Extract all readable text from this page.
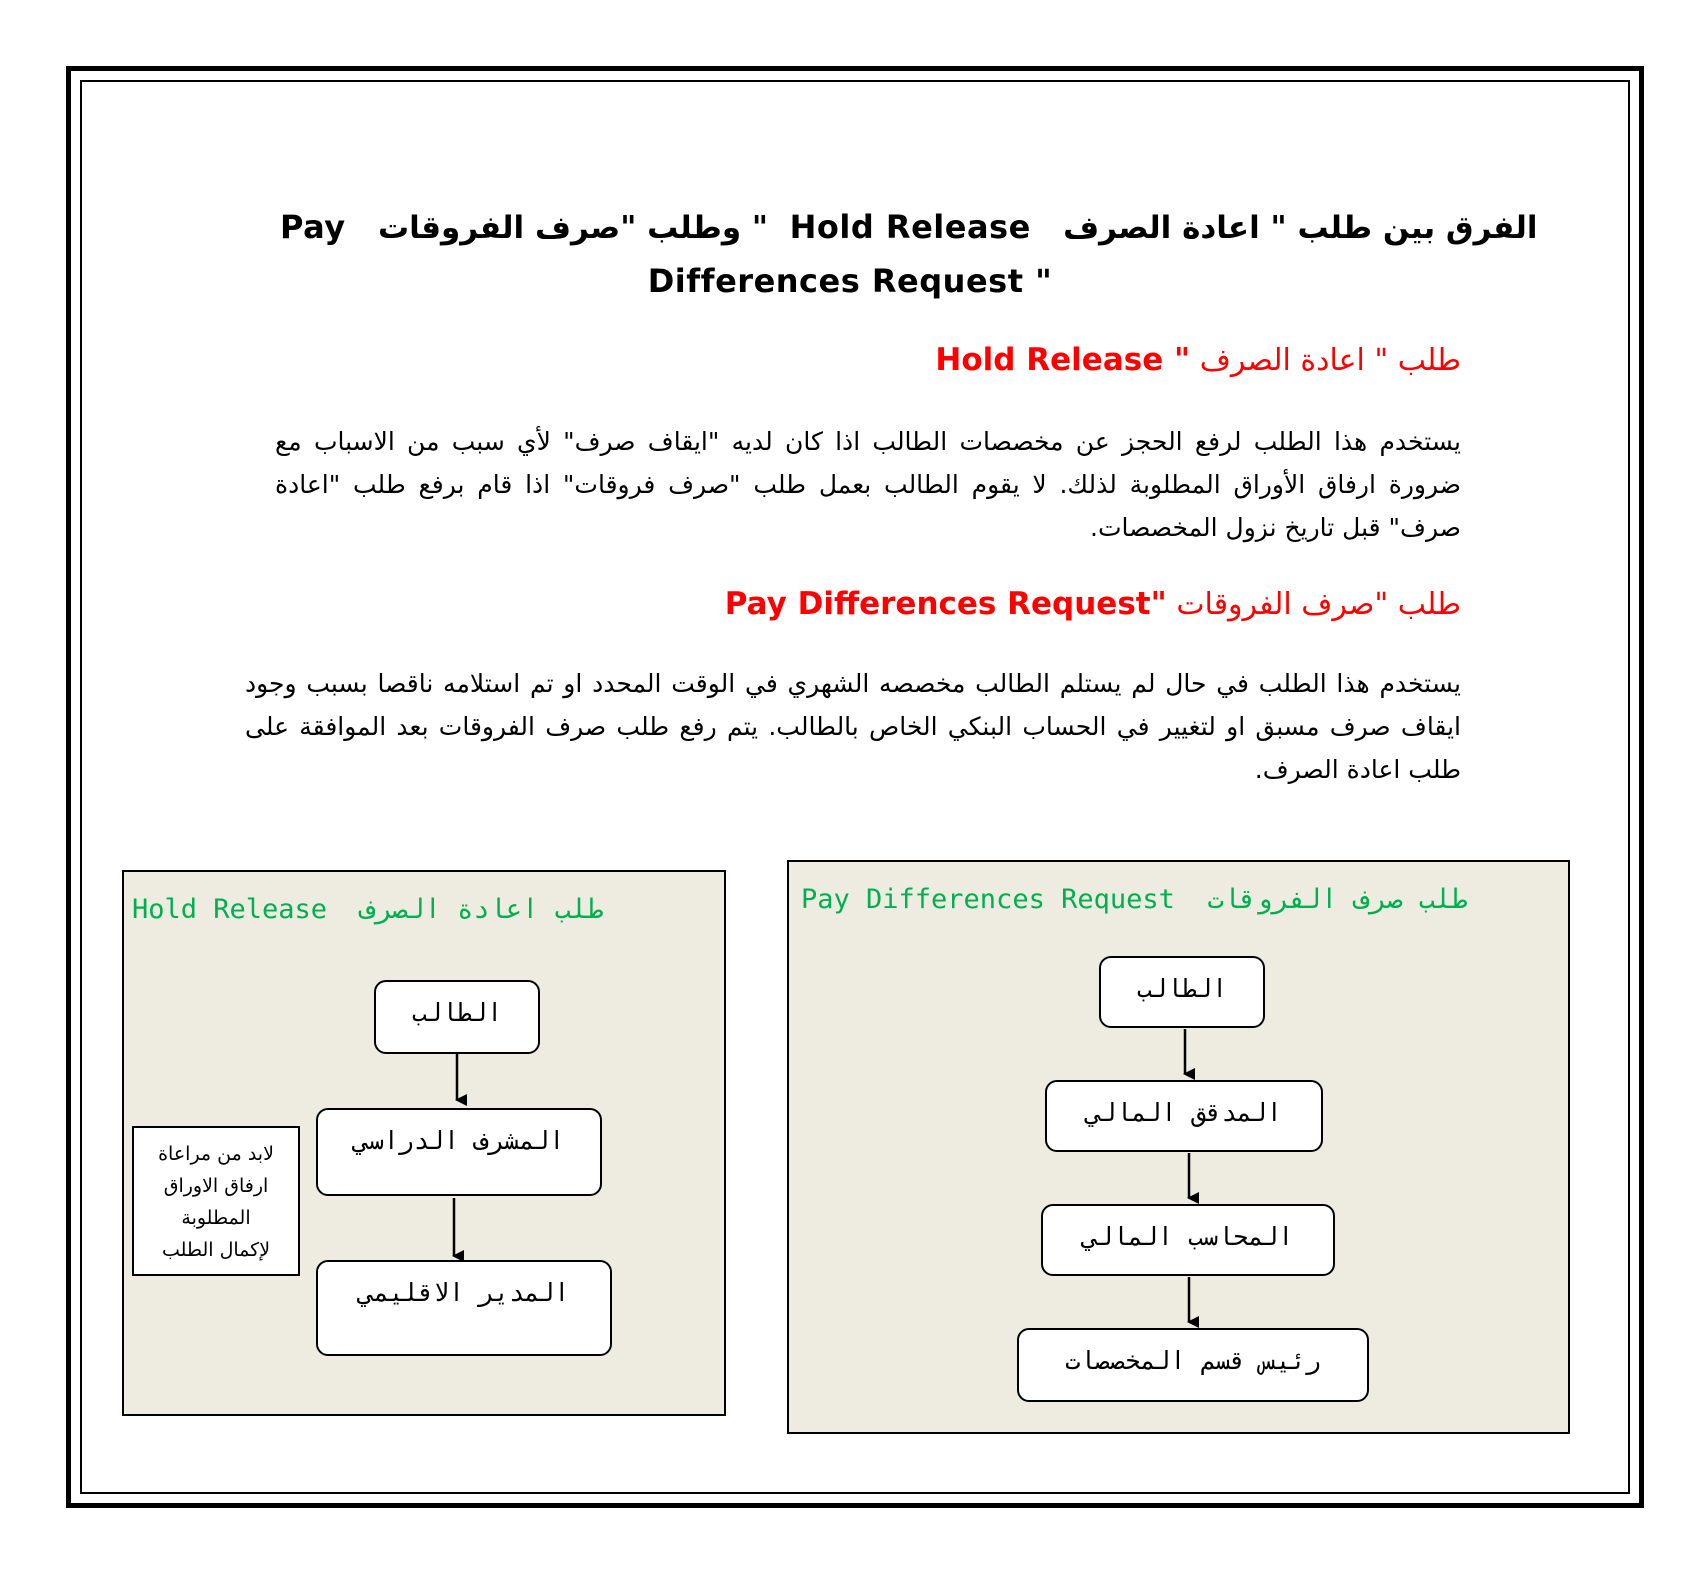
Pay " وطلب "صرف الفروقات Hold Release الفرق بين طلب " اعادة الصرف
Differences Request "
طلب " اعادة الصرف Hold Release "
يستخدم هذا الطلب لرفع الحجز عن مخصصات الطالب اذا كان لديه "ايقاف صرف" لأي سبب من الاسباب مع ضرورة ارفاق الأوراق المطلوبة لذلك. لا يقوم الطالب بعمل طلب "صرف فروقات" اذا قام برفع طلب "اعادة صرف" قبل تاريخ نزول المخصصات.
طلب "صرف الفروقات Pay Differences Request"
يستخدم هذا الطلب في حال لم يستلم الطالب مخصصه الشهري في الوقت المحدد او تم استلامه ناقصا بسبب وجود ايقاف صرف مسبق او لتغيير في الحساب البنكي الخاص بالطالب. يتم رفع طلب صرف الفروقات بعد الموافقة على طلب اعادة الصرف.
Hold Release طلب اعادة الصرف
الطالب
المشرف الدراسي
المدير الاقليمي
لابد من مراعاة
ارفاق الاوراق
المطلوبة
لإكمال الطلب
Pay Differences Request طلب صرف الفروقات
الطالب
المدقق المالي
المحاسب المالي
رئيس قسم المخصصات
